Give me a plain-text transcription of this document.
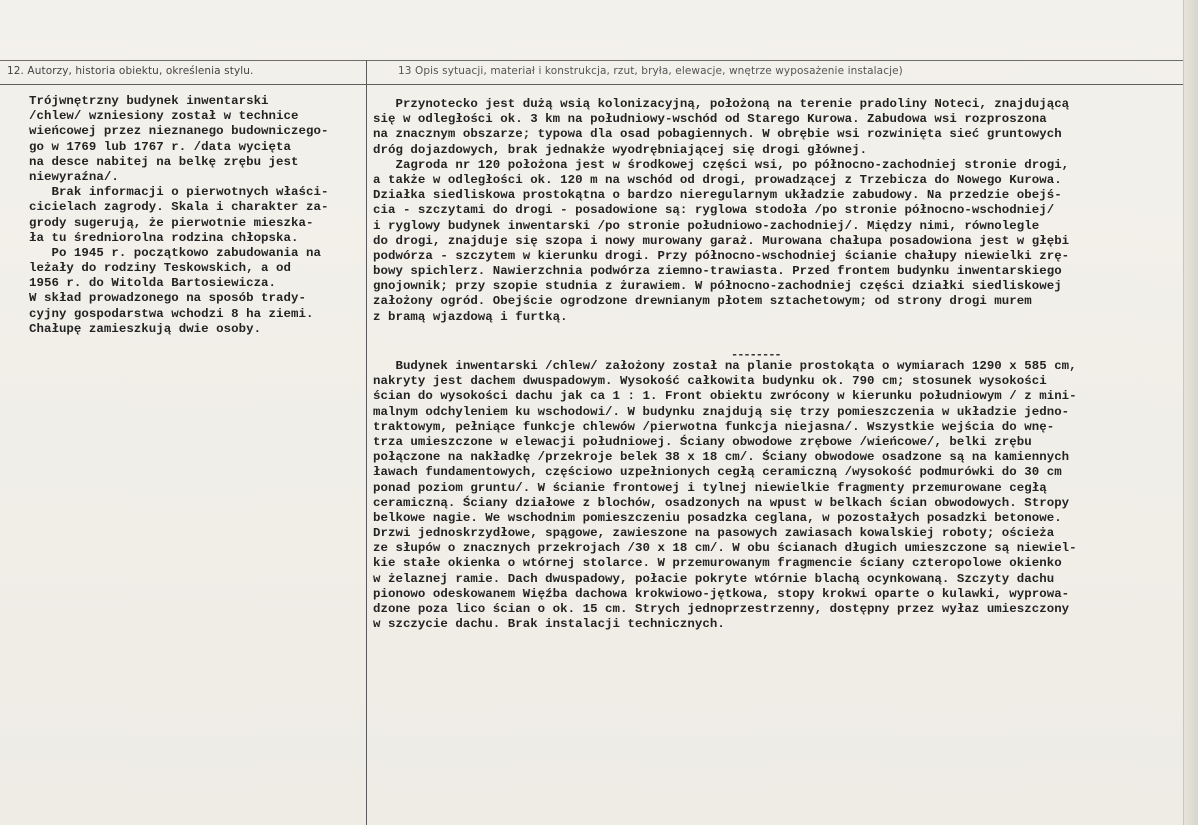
12. Autorzy, historia obiektu, określenia stylu.	13 Opis sytuacji, materiał i konstrukcja, rzut, bryła, elewacje, wnętrze wyposażenie instalacje)
Trójwnętrzny budynek inwentarski
/chlew/ wzniesiony został w technice
wieńcowej przez nieznanego budowniczego-
go w 1769 lub 1767 r. /data wycięta
na desce nabitej na belkę zrębu jest
niewyraźna/.
Brak informacji o pierwotnych właści-
cicielach zagrody. Skala i charakter za-
grody sugerują, że pierwotnie mieszka-
ła tu średniorolna rodzina chłopska.
Po 1945 r. początkowo zabudowania na
leżały do rodziny Teskowskich, a od
1956 r. do Witolda Bartosiewicza.
W skład prowadzonego na sposób trady-
cyjny gospodarstwa wchodzi 8 ha ziemi.
Chałupę zamieszkują dwie osoby.
Przynotecko jest dużą wsią kolonizacyjną, położoną na terenie pradoliny Noteci, znajdującą
się w odległości ok. 3 km na południowy-wschód od Starego Kurowa. Zabudowa wsi rozproszona
na znacznym obszarze; typowa dla osad pobagiennych. W obrębie wsi rozwinięta sieć gruntowych
dróg dojazdowych, brak jednakże wyodrębniającej się drogi głównej.
Zagroda nr 120 położona jest w środkowej części wsi, po północno-zachodniej stronie drogi,
a także w odległości ok. 120 m na wschód od drogi, prowadzącej z Trzebicza do Nowego Kurowa.
Działka siedliskowa prostokątna o bardzo nieregularnym układzie zabudowy. Na przedzie obejś-
cia - szczytami do drogi - posadowione są: ryglowa stodoła /po stronie północno-wschodniej/
i ryglowy budynek inwentarski /po stronie południowo-zachodniej/. Między nimi, równolegle
do drogi, znajduje się szopa i nowy murowany garaż. Murowana chałupa posadowiona jest w głębi
podwórza - szczytem w kierunku drogi. Przy północno-wschodniej ścianie chałupy niewielki zrę-
bowy spichlerz. Nawierzchnia podwórza ziemno-trawiasta. Przed frontem budynku inwentarskiego
gnojownik; przy szopie studnia z żurawiem. W północno-zachodniej części działki siedliskowej
założony ogród. Obejście ogrodzone drewnianym płotem sztachetowym; od strony drogi murem
z bramą wjazdową i furtką.
--------
Budynek inwentarski /chlew/ założony został na planie prostokąta o wymiarach 1290 x 585 cm,
nakryty jest dachem dwuspadowym. Wysokość całkowita budynku ok. 790 cm; stosunek wysokości
ścian do wysokości dachu jak ca 1 : 1. Front obiektu zwrócony w kierunku południowym / z mini-
malnym odchyleniem ku wschodowi/. W budynku znajdują się trzy pomieszczenia w układzie jedno-
traktowym, pełniące funkcje chlewów /pierwotna funkcja niejasna/. Wszystkie wejścia do wnę-
trza umieszczone w elewacji południowej. Ściany obwodowe zrębowe /wieńcowe/, belki zrębu
połączone na nakładkę /przekroje belek 38 x 18 cm/. Ściany obwodowe osadzone są na kamiennych
ławach fundamentowych, częściowo uzpełnionych cegłą ceramiczną /wysokość podmurówki do 30 cm
ponad poziom gruntu/. W ścianie frontowej i tylnej niewielkie fragmenty przemurowane cegłą
ceramiczną. Ściany działowe z blochów, osadzonych na wpust w belkach ścian obwodowych. Stropy
belkowe nagie. We wschodnim pomieszczeniu posadzka ceglana, w pozostałych posadzki betonowe.
Drzwi jednoskrzydłowe, spągowe, zawieszone na pasowych zawiasach kowalskiej roboty; ościeża
ze słupów o znacznych przekrojach /30 x 18 cm/. W obu ścianach długich umieszczone są niewiel-
kie stałe okienka o wtórnej stolarce. W przemurowanym fragmencie ściany czteropolowe okienko
w żelaznej ramie. Dach dwuspadowy, połacie pokryte wtórnie blachą ocynkowaną. Szczyty dachu
pionowo odeskowanem Więźba dachowa krokwiowo-jętkowa, stopy krokwi oparte o kulawki, wyprowa-
dzone poza lico ścian o ok. 15 cm. Strych jednoprzestrzenny, dostępny przez wyłaz umieszczony
w szczycie dachu. Brak instalacji technicznych.
